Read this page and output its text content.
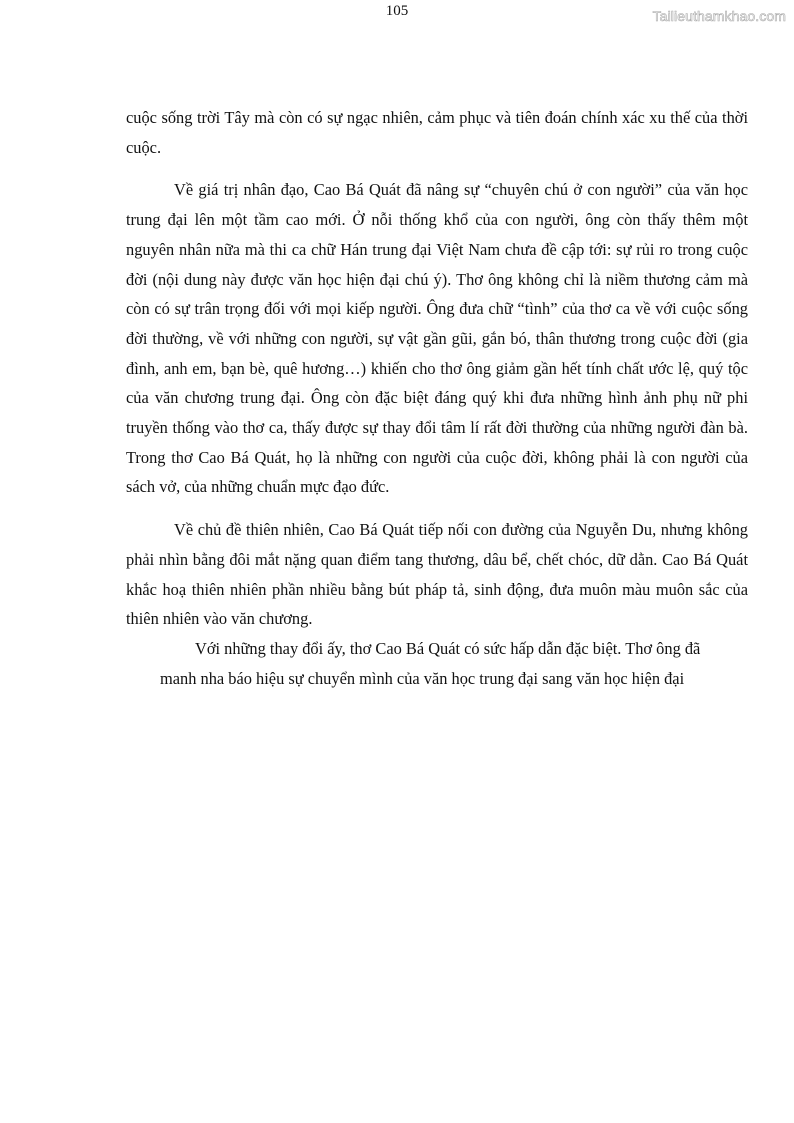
105	Tailieuthamkhao.com

cuộc sống trời Tây mà còn có sự ngạc nhiên, cảm phục và tiên đoán chính xác xu thế của thời cuộc.

Về giá trị nhân đạo, Cao Bá Quát đã nâng sự “chuyên chú ở con người” của văn học trung đại lên một tầm cao mới. Ở nỗi thống khổ của con người, ông còn thấy thêm một nguyên nhân nữa mà thi ca chữ Hán trung đại Việt Nam chưa đề cập tới: sự rủi ro trong cuộc đời (nội dung này được văn học hiện đại chú ý). Thơ ông không chỉ là niềm thương cảm mà còn có sự trân trọng đối với mọi kiếp người. Ông đưa chữ “tình” của thơ ca về với cuộc sống đời thường, về với những con người, sự vật gần gũi, gắn bó, thân thương trong cuộc đời (gia đình, anh em, bạn bè, quê hương…) khiến cho thơ ông giảm gần hết tính chất ước lệ, quý tộc của văn chương trung đại. Ông còn đặc biệt đáng quý khi đưa những hình ảnh phụ nữ phi truyền thống vào thơ ca, thấy được sự thay đổi tâm lí rất đời thường của những người đàn bà. Trong thơ Cao Bá Quát, họ là những con người của cuộc đời, không phải là con người của sách vở, của những chuẩn mực đạo đức.

Về chủ đề thiên nhiên, Cao Bá Quát tiếp nối con đường của Nguyễn Du, nhưng không phải nhìn bằng đôi mắt nặng quan điểm tang thương, dâu bể, chết chóc, dữ dằn. Cao Bá Quát khắc hoạ thiên nhiên phần nhiều bằng bút pháp tả, sinh động, đưa muôn màu muôn sắc của thiên nhiên vào văn chương.

Với những thay đổi ấy, thơ Cao Bá Quát có sức hấp dẫn đặc biệt. Thơ ông đã
manh nha báo hiệu sự chuyển mình của văn học trung đại sang văn học hiện đại
